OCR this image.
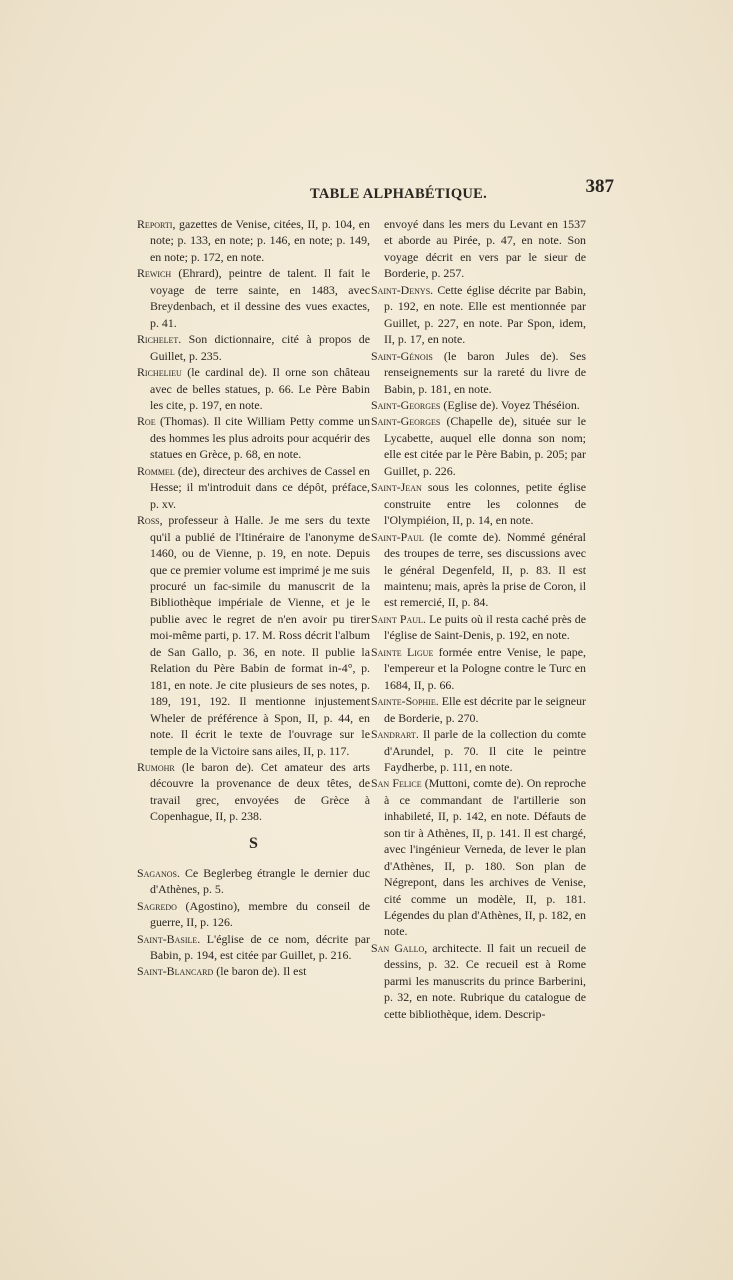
TABLE ALPHABÉTIQUE.	387

Reporti, gazettes de Venise, citées, II, p. 104, en note; p. 133, en note; p. 146, en note; p. 149, en note; p. 172, en note.

Rewich (Ehrard), peintre de talent. Il fait le voyage de terre sainte, en 1483, avec Breydenbach, et il dessine des vues exactes, p. 41.

Richelet. Son dictionnaire, cité à propos de Guillet, p. 235.

Richelieu (le cardinal de). Il orne son château avec de belles statues, p. 66. Le Père Babin les cite, p. 197, en note.

Roe (Thomas). Il cite William Petty comme un des hommes les plus adroits pour acquérir des statues en Grèce, p. 68, en note.

Rommel (de), directeur des archives de Cassel en Hesse; il m'introduit dans ce dépôt, préface, p. xv.

Ross, professeur à Halle. Je me sers du texte qu'il a publié de l'Itinéraire de l'anonyme de 1460, ou de Vienne, p. 19, en note. Depuis que ce premier volume est imprimé je me suis procuré un fac-simile du manuscrit de la Bibliothèque impériale de Vienne, et je le publie avec le regret de n'en avoir pu tirer moi-même parti, p. 17. M. Ross décrit l'album de San Gallo, p. 36, en note. Il publie la Relation du Père Babin de format in-4°, p. 181, en note. Je cite plusieurs de ses notes, p. 189, 191, 192. Il mentionne injustement Wheler de préférence à Spon, II, p. 44, en note. Il écrit le texte de l'ouvrage sur le temple de la Victoire sans ailes, II, p. 117.

Rumohr (le baron de). Cet amateur des arts découvre la provenance de deux têtes, de travail grec, envoyées de Grèce à Copenhague, II, p. 238.

S

Saganos. Ce Beglerbeg étrangle le dernier duc d'Athènes, p. 5.

Sagredo (Agostino), membre du conseil de guerre, II, p. 126.

Saint-Basile. L'église de ce nom, décrite par Babin, p. 194, est citée par Guillet, p. 216.

Saint-Blancard (le baron de). Il est

envoyé dans les mers du Levant en 1537 et aborde au Pirée, p. 47, en note. Son voyage décrit en vers par le sieur de Borderie, p. 257.

Saint-Denys. Cette église décrite par Babin, p. 192, en note. Elle est mentionnée par Guillet, p. 227, en note. Par Spon, idem, II, p. 17, en note.

Saint-Génois (le baron Jules de). Ses renseignements sur la rareté du livre de Babin, p. 181, en note.

Saint-Georges (Eglise de). Voyez Théséion.

Saint-Georges (Chapelle de), située sur le Lycabette, auquel elle donna son nom; elle est citée par le Père Babin, p. 205; par Guillet, p. 226.

Saint-Jean sous les colonnes, petite église construite entre les colonnes de l'Olympiéion, II, p. 14, en note.

Saint-Paul (le comte de). Nommé général des troupes de terre, ses discussions avec le général Degenfeld, II, p. 83. Il est maintenu; mais, après la prise de Coron, il est remercié, II, p. 84.

Saint Paul. Le puits où il resta caché près de l'église de Saint-Denis, p. 192, en note.

Sainte Ligue formée entre Venise, le pape, l'empereur et la Pologne contre le Turc en 1684, II, p. 66.

Sainte-Sophie. Elle est décrite par le seigneur de Borderie, p. 270.

Sandrart. Il parle de la collection du comte d'Arundel, p. 70. Il cite le peintre Faydherbe, p. 111, en note.

San Felice (Muttoni, comte de). On reproche à ce commandant de l'artillerie son inhabileté, II, p. 142, en note. Défauts de son tir à Athènes, II, p. 141. Il est chargé, avec l'ingénieur Verneda, de lever le plan d'Athènes, II, p. 180. Son plan de Négrepont, dans les archives de Venise, cité comme un modèle, II, p. 181. Légendes du plan d'Athènes, II, p. 182, en note.

San Gallo, architecte. Il fait un recueil de dessins, p. 32. Ce recueil est à Rome parmi les manuscrits du prince Barberini, p. 32, en note. Rubrique du catalogue de cette bibliothèque, idem. Descrip-
